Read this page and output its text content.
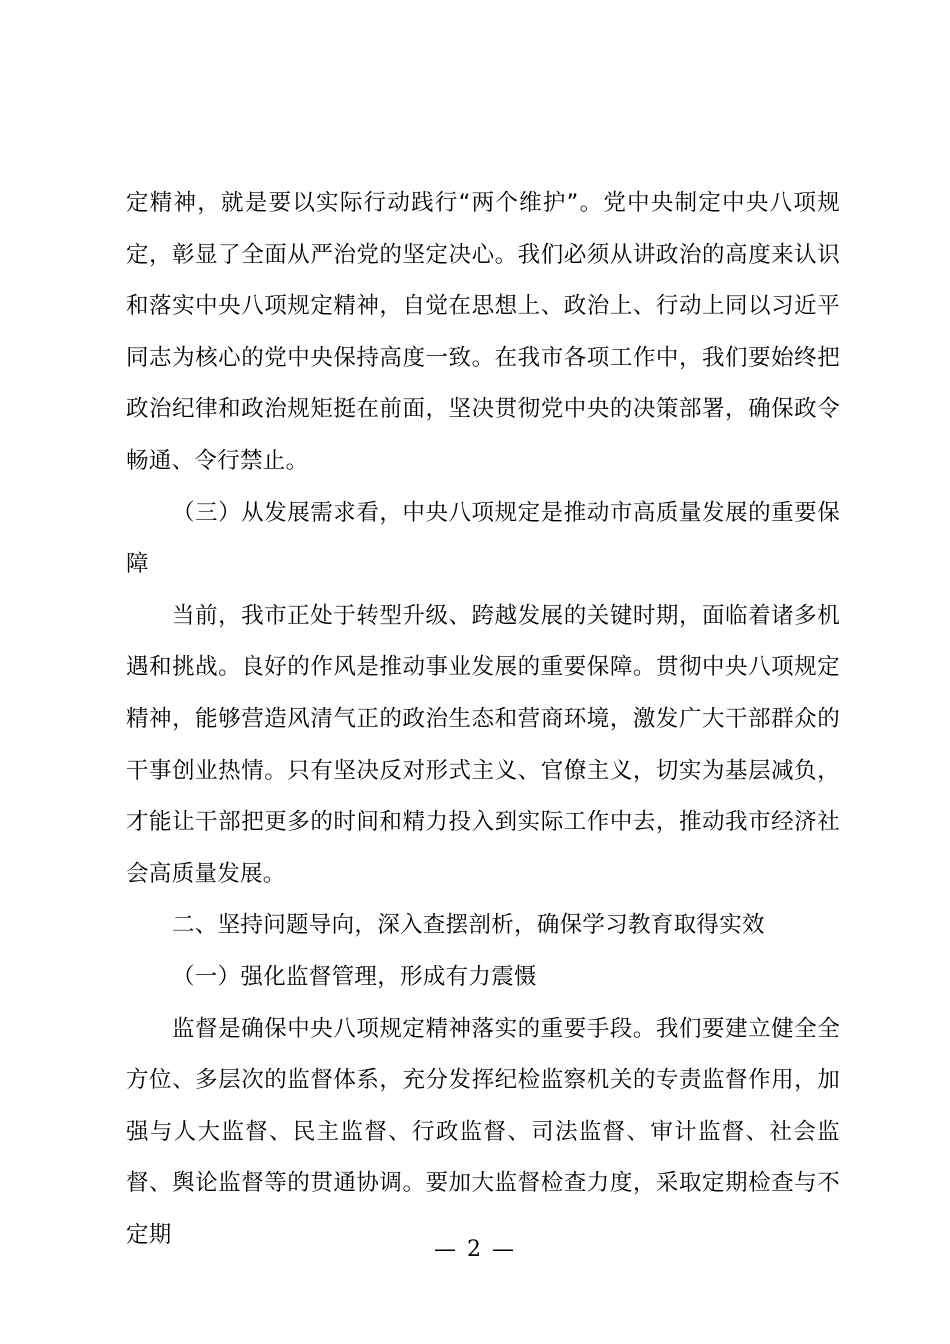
定精神，就是要以实际行动践行“两个维护”。党中央制定中央八项规定，彰显了全面从严治党的坚定决心。我们必须从讲政治的高度来认识和落实中央八项规定精神，自觉在思想上、政治上、行动上同以习近平同志为核心的党中央保持高度一致。在我市各项工作中，我们要始终把政治纪律和政治规矩挺在前面，坚决贯彻党中央的决策部署，确保政令畅通、令行禁止。

（三）从发展需求看，中央八项规定是推动市高质量发展的重要保障

当前，我市正处于转型升级、跨越发展的关键时期，面临着诸多机遇和挑战。良好的作风是推动事业发展的重要保障。贯彻中央八项规定精神，能够营造风清气正的政治生态和营商环境，激发广大干部群众的干事创业热情。只有坚决反对形式主义、官僚主义，切实为基层减负，才能让干部把更多的时间和精力投入到实际工作中去，推动我市经济社会高质量发展。

二、坚持问题导向，深入查摆剖析，确保学习教育取得实效

（一）强化监督管理，形成有力震慑

监督是确保中央八项规定精神落实的重要手段。我们要建立健全全方位、多层次的监督体系，充分发挥纪检监察机关的专责监督作用，加强与人大监督、民主监督、行政监督、司法监督、审计监督、社会监督、舆论监督等的贯通协调。要加大监督检查力度，采取定期检查与不定期

— 2 —
